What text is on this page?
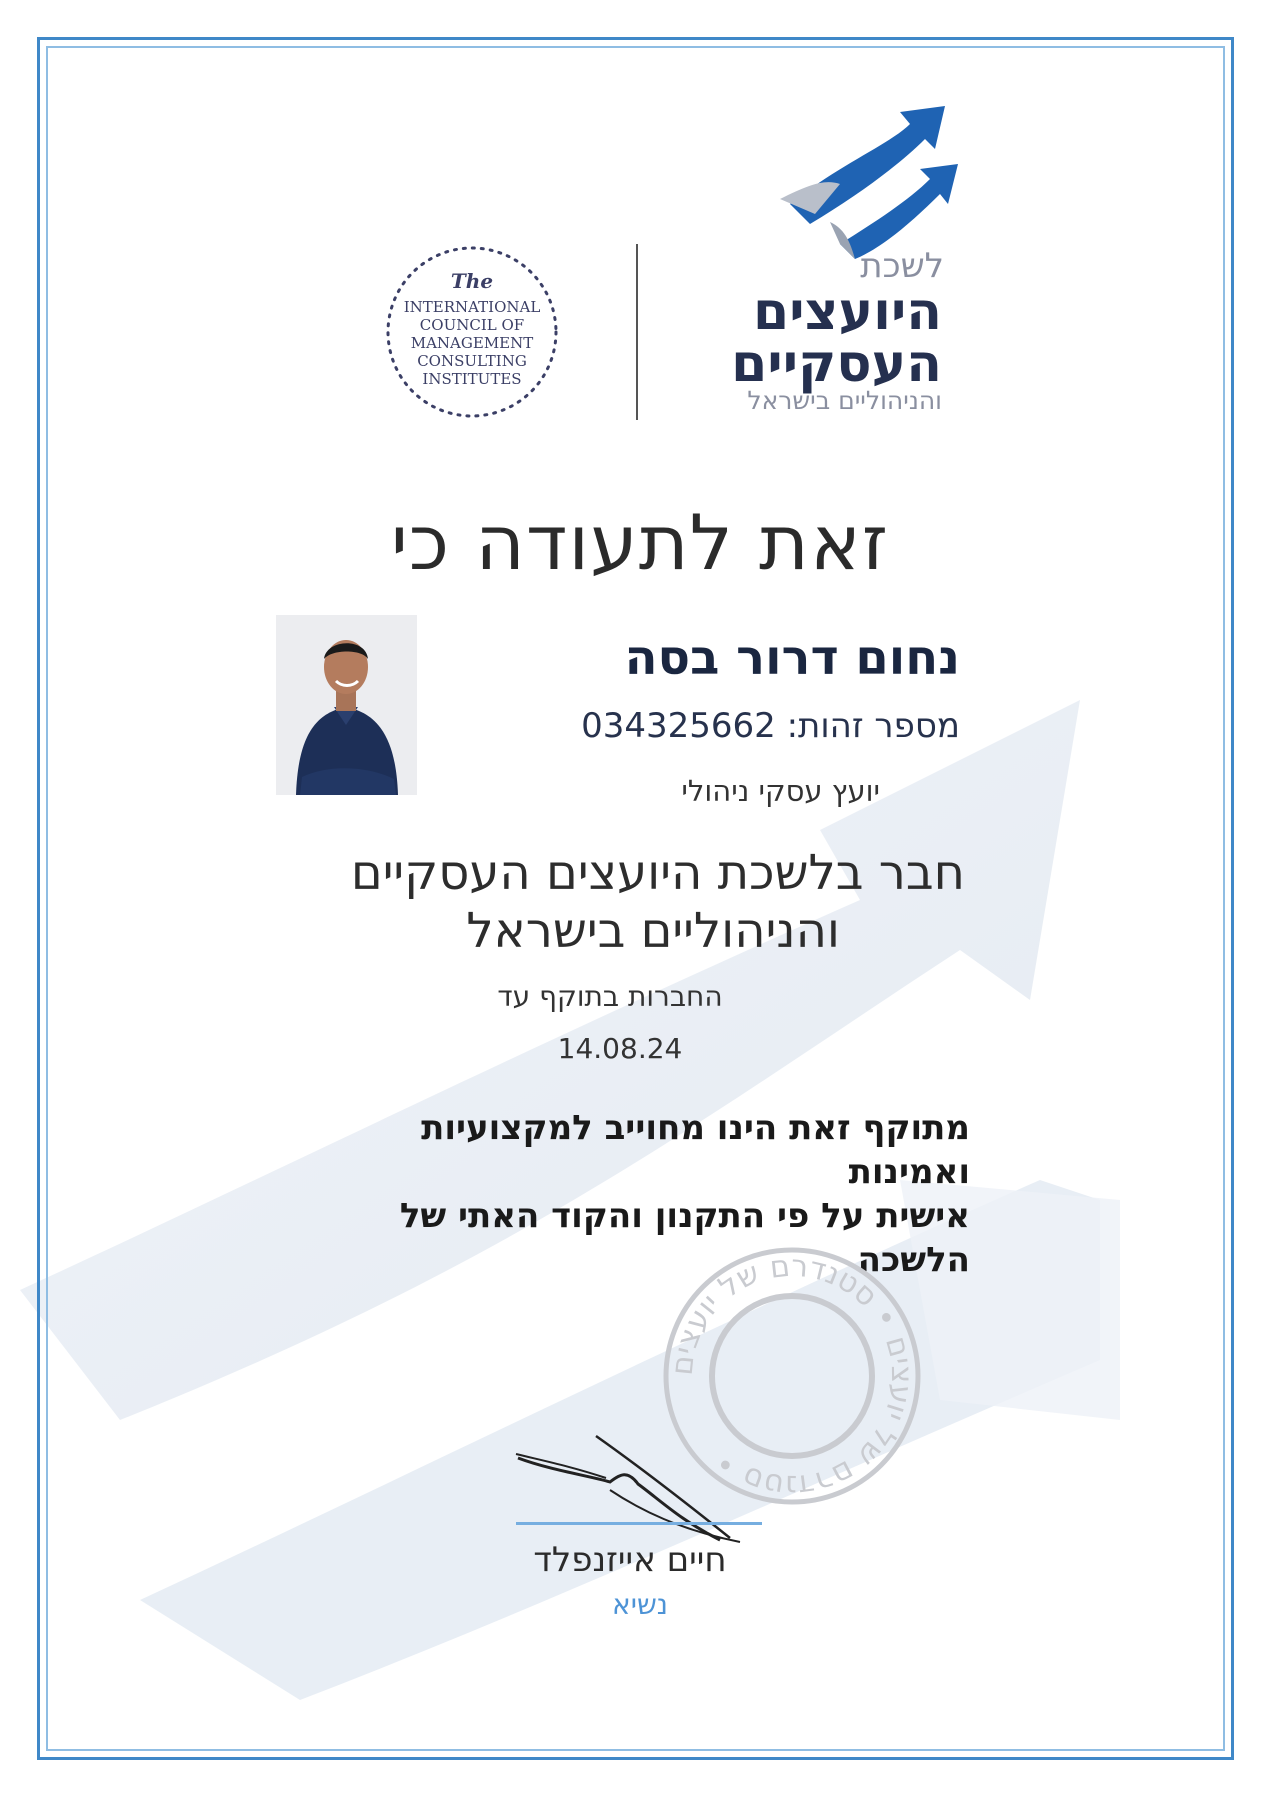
The
INTERNATIONAL
COUNCIL OF
MANAGEMENT
CONSULTING
INSTITUTES
לשכת
היועצים
העסקיים
והניהוליים בישראל
זאת לתעודה כי
נחום דרור בסה
מספר זהות: 034325662
יועץ עסקי ניהולי
חבר בלשכת היועצים העסקיים
והניהוליים בישראל
החברות בתוקף עד
14.08.24
מתוקף זאת הינו מחוייב למקצועיות ואמינות
אישית על פי התקנון והקוד האתי של הלשכה
סטנדרם של יועצים • סטנדרם של יועצים •
חיים אייזנפלד
נשיא
